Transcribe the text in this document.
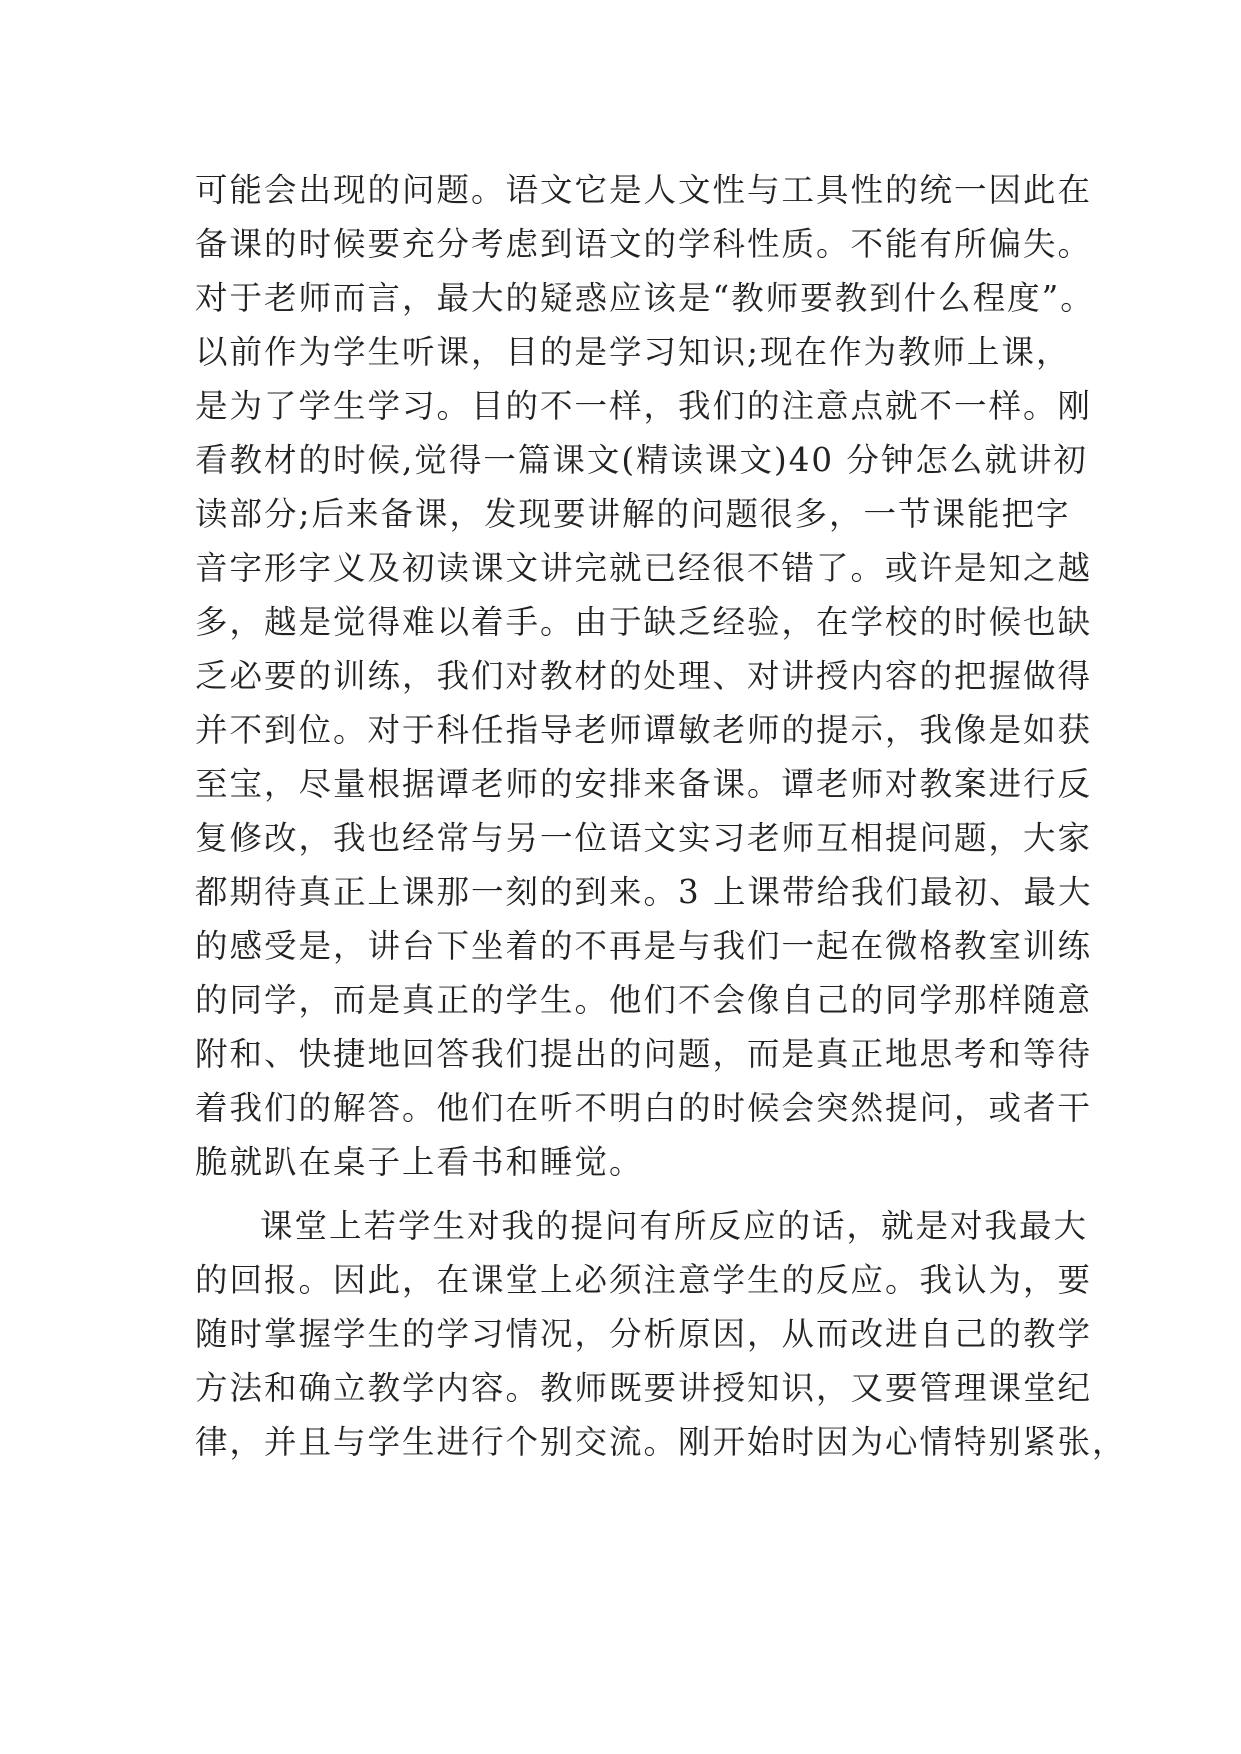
可能会出现的问题。语文它是人文性与工具性的统一因此在
备课的时候要充分考虑到语文的学科性质。不能有所偏失。
对于老师而言，最大的疑惑应该是“教师要教到什么程度”。
以前作为学生听课，目的是学习知识;现在作为教师上课，
是为了学生学习。目的不一样，我们的注意点就不一样。刚
看教材的时候,觉得一篇课文(精读课文)40 分钟怎么就讲初
读部分;后来备课，发现要讲解的问题很多，一节课能把字
音字形字义及初读课文讲完就已经很不错了。或许是知之越
多，越是觉得难以着手。由于缺乏经验，在学校的时候也缺
乏必要的训练，我们对教材的处理、对讲授内容的把握做得
并不到位。对于科任指导老师谭敏老师的提示，我像是如获
至宝，尽量根据谭老师的安排来备课。谭老师对教案进行反
复修改，我也经常与另一位语文实习老师互相提问题，大家
都期待真正上课那一刻的到来。3 上课带给我们最初、最大
的感受是，讲台下坐着的不再是与我们一起在微格教室训练
的同学，而是真正的学生。他们不会像自己的同学那样随意
附和、快捷地回答我们提出的问题，而是真正地思考和等待
着我们的解答。他们在听不明白的时候会突然提问，或者干
脆就趴在桌子上看书和睡觉。
课堂上若学生对我的提问有所反应的话，就是对我最大
的回报。因此，在课堂上必须注意学生的反应。我认为，要
随时掌握学生的学习情况，分析原因，从而改进自己的教学
方法和确立教学内容。教师既要讲授知识，又要管理课堂纪
律，并且与学生进行个别交流。刚开始时因为心情特别紧张，
